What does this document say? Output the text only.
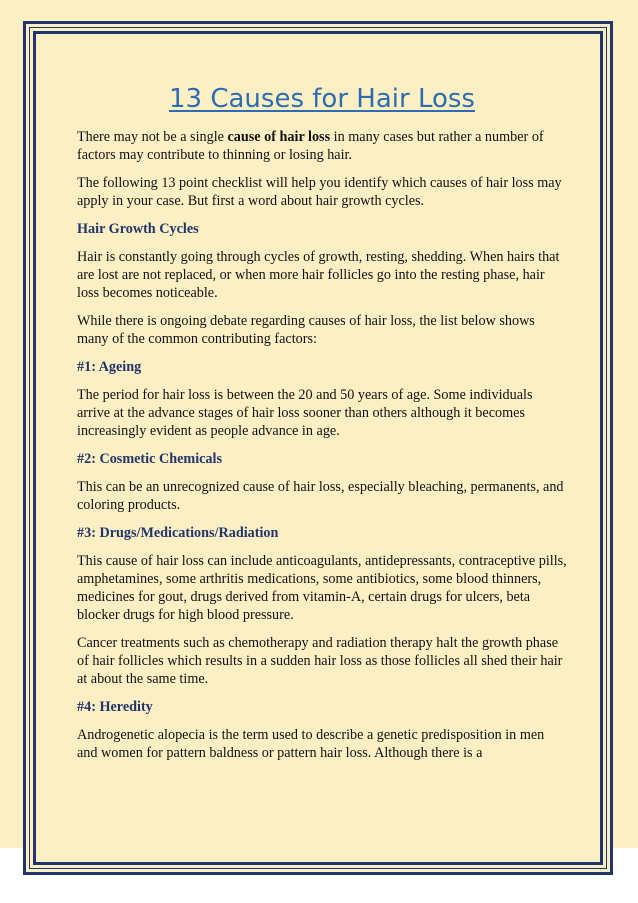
13 Causes for Hair Loss

There may not be a single cause of hair loss in many cases but rather a number of factors may contribute to thinning or losing hair.

The following 13 point checklist will help you identify which causes of hair loss may apply in your case. But first a word about hair growth cycles.

Hair Growth Cycles

Hair is constantly going through cycles of growth, resting, shedding. When hairs that are lost are not replaced, or when more hair follicles go into the resting phase, hair loss becomes noticeable.

While there is ongoing debate regarding causes of hair loss, the list below shows many of the common contributing factors:

#1: Ageing

The period for hair loss is between the 20 and 50 years of age. Some individuals arrive at the advance stages of hair loss sooner than others although it becomes increasingly evident as people advance in age.

#2: Cosmetic Chemicals

This can be an unrecognized cause of hair loss, especially bleaching, permanents, and coloring products.

#3: Drugs/Medications/Radiation

This cause of hair loss can include anticoagulants, antidepressants, contraceptive pills, amphetamines, some arthritis medications, some antibiotics, some blood thinners, medicines for gout, drugs derived from vitamin-A, certain drugs for ulcers, beta blocker drugs for high blood pressure.

Cancer treatments such as chemotherapy and radiation therapy halt the growth phase of hair follicles which results in a sudden hair loss as those follicles all shed their hair at about the same time.

#4: Heredity

Androgenetic alopecia is the term used to describe a genetic predisposition in men and women for pattern baldness or pattern hair loss. Although there is a
